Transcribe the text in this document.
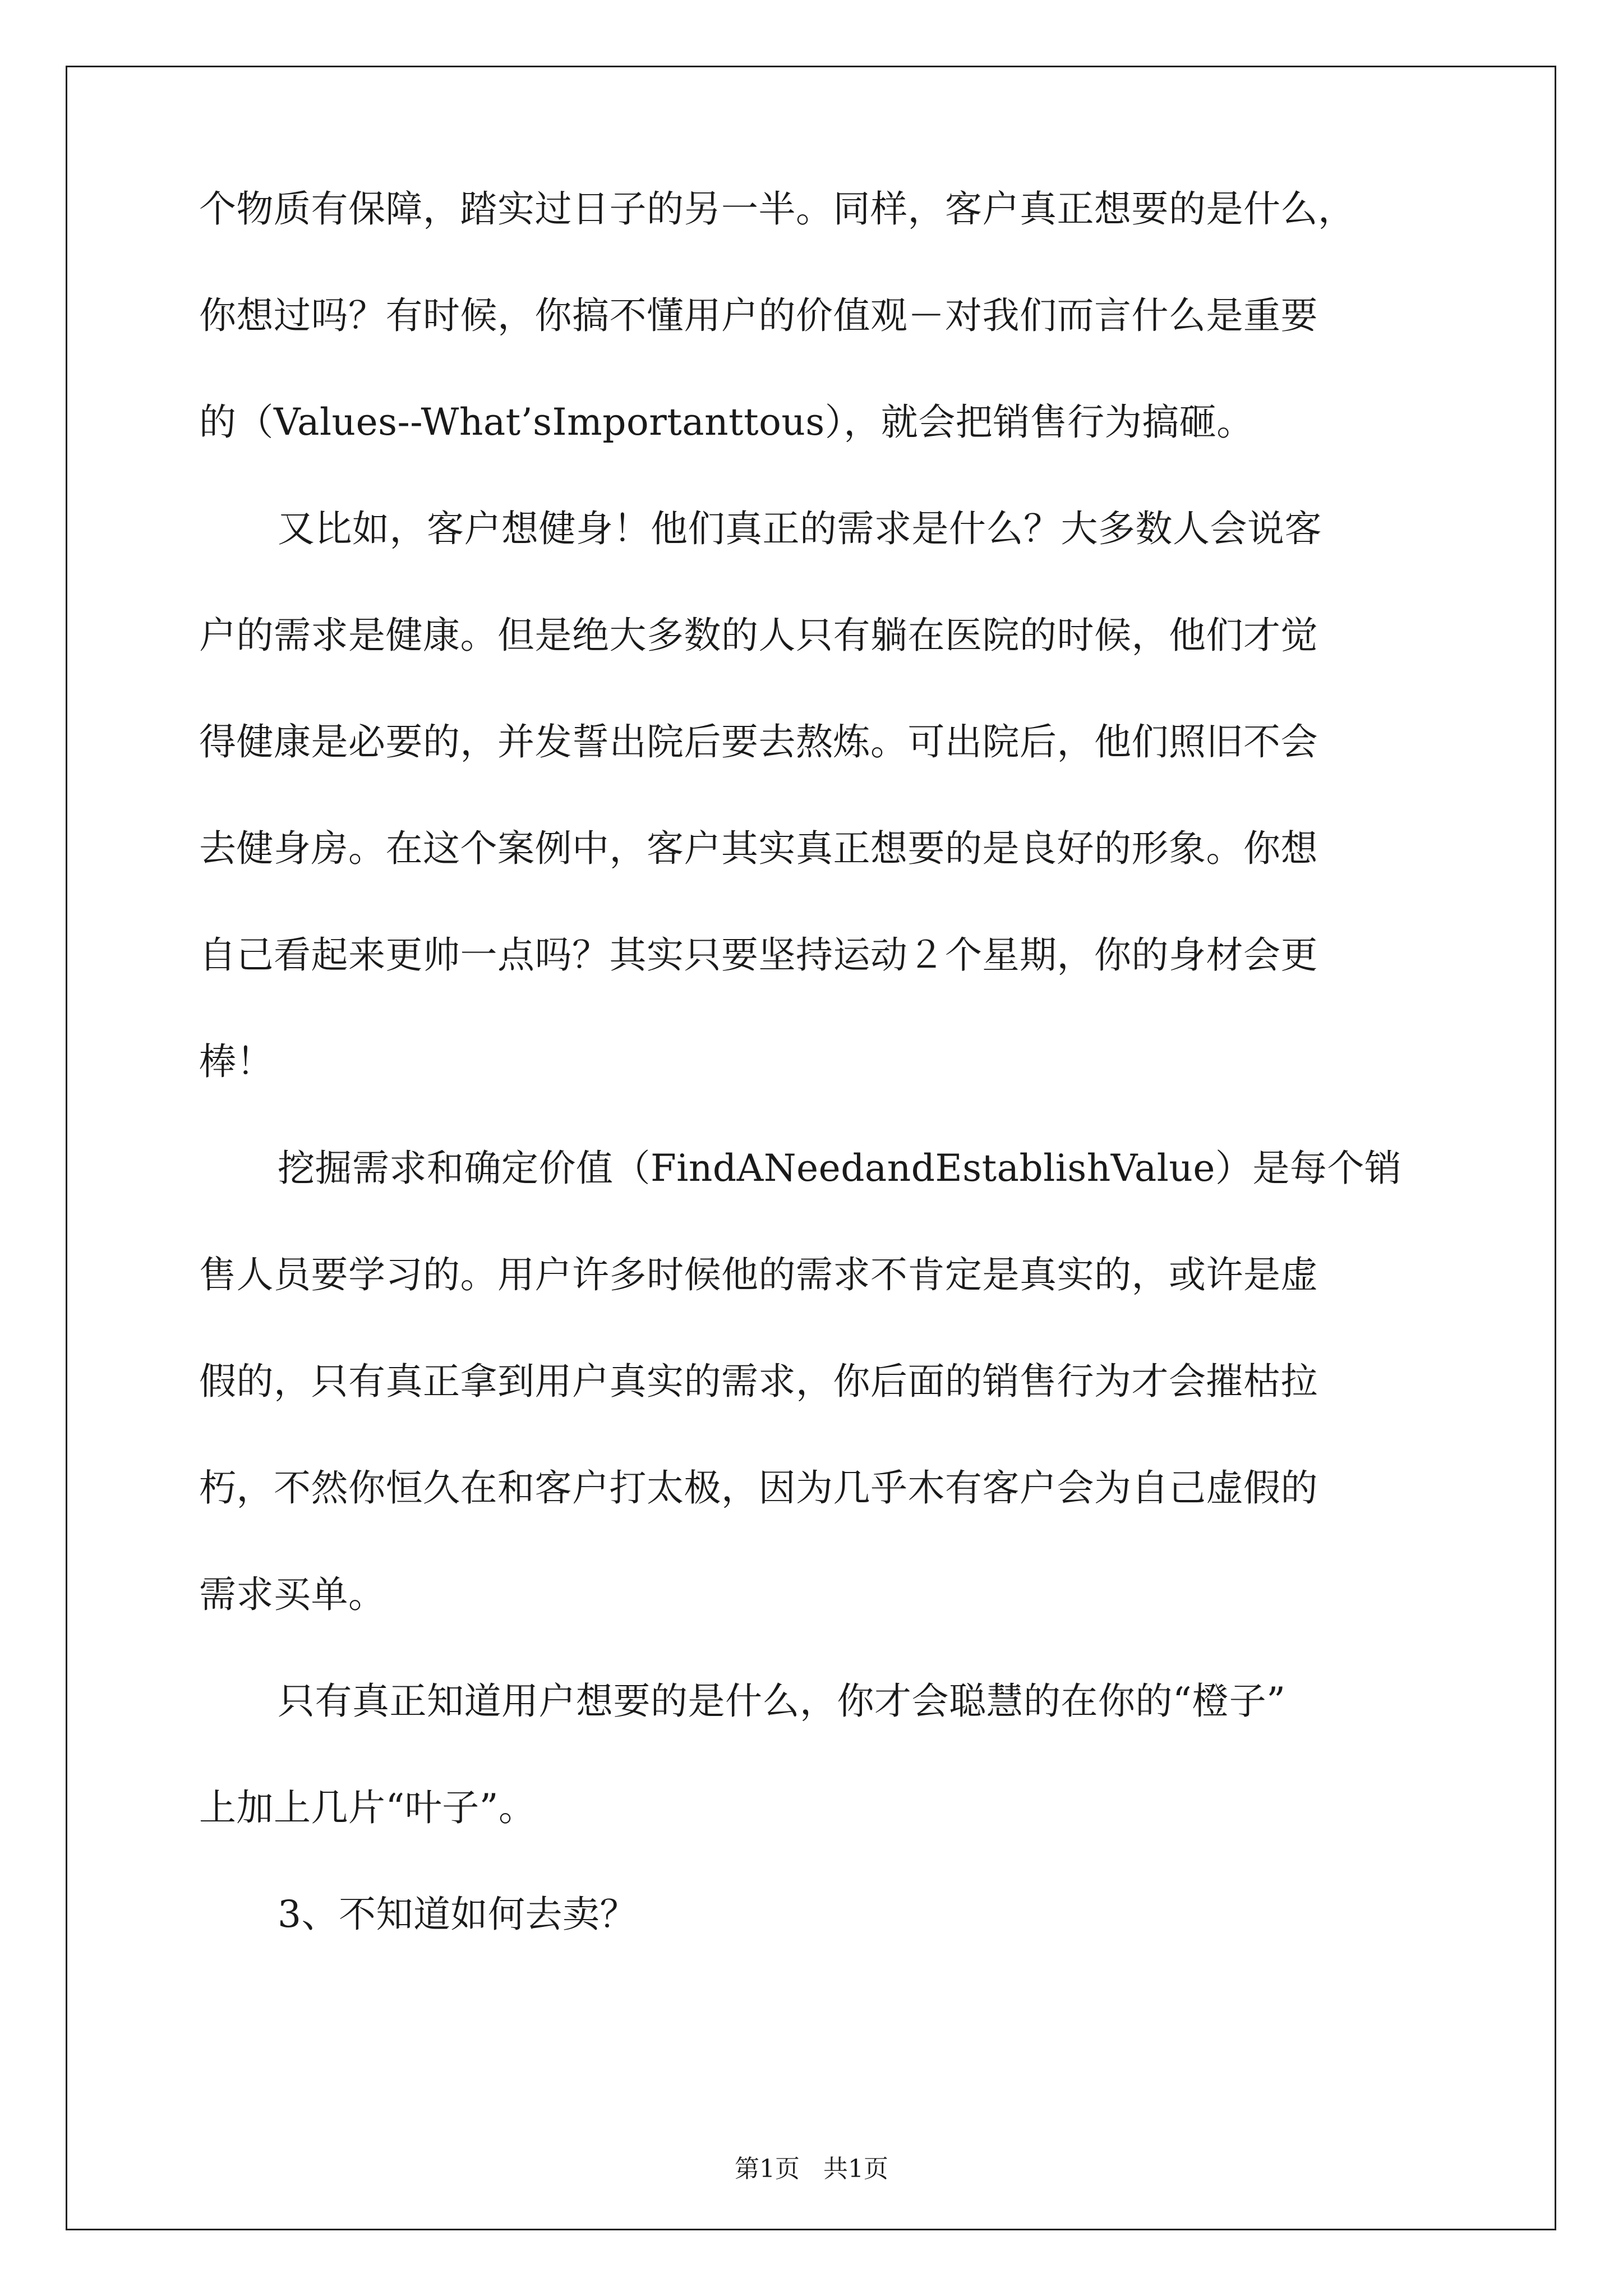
个物质有保障，踏实过日子的另一半。同样，客户真正想要的是什么，
你想过吗？有时候，你搞不懂用户的价值观－对我们而言什么是重要
的（Values--What’sImportanttous），就会把销售行为搞砸。
又比如，客户想健身！他们真正的需求是什么？大多数人会说客
户的需求是健康。但是绝大多数的人只有躺在医院的时候，他们才觉
得健康是必要的，并发誓出院后要去熬炼。可出院后，他们照旧不会
去健身房。在这个案例中，客户其实真正想要的是良好的形象。你想
自己看起来更帅一点吗？其实只要坚持运动２个星期，你的身材会更
棒！
挖掘需求和确定价值（FindANeedandEstablishValue）是每个销
售人员要学习的。用户许多时候他的需求不肯定是真实的，或许是虚
假的，只有真正拿到用户真实的需求，你后面的销售行为才会摧枯拉
朽，不然你恒久在和客户打太极，因为几乎木有客户会为自己虚假的
需求买单。
只有真正知道用户想要的是什么，你才会聪慧的在你的“橙子”
上加上几片“叶子”。
3、不知道如何去卖？
第1页 共1页
